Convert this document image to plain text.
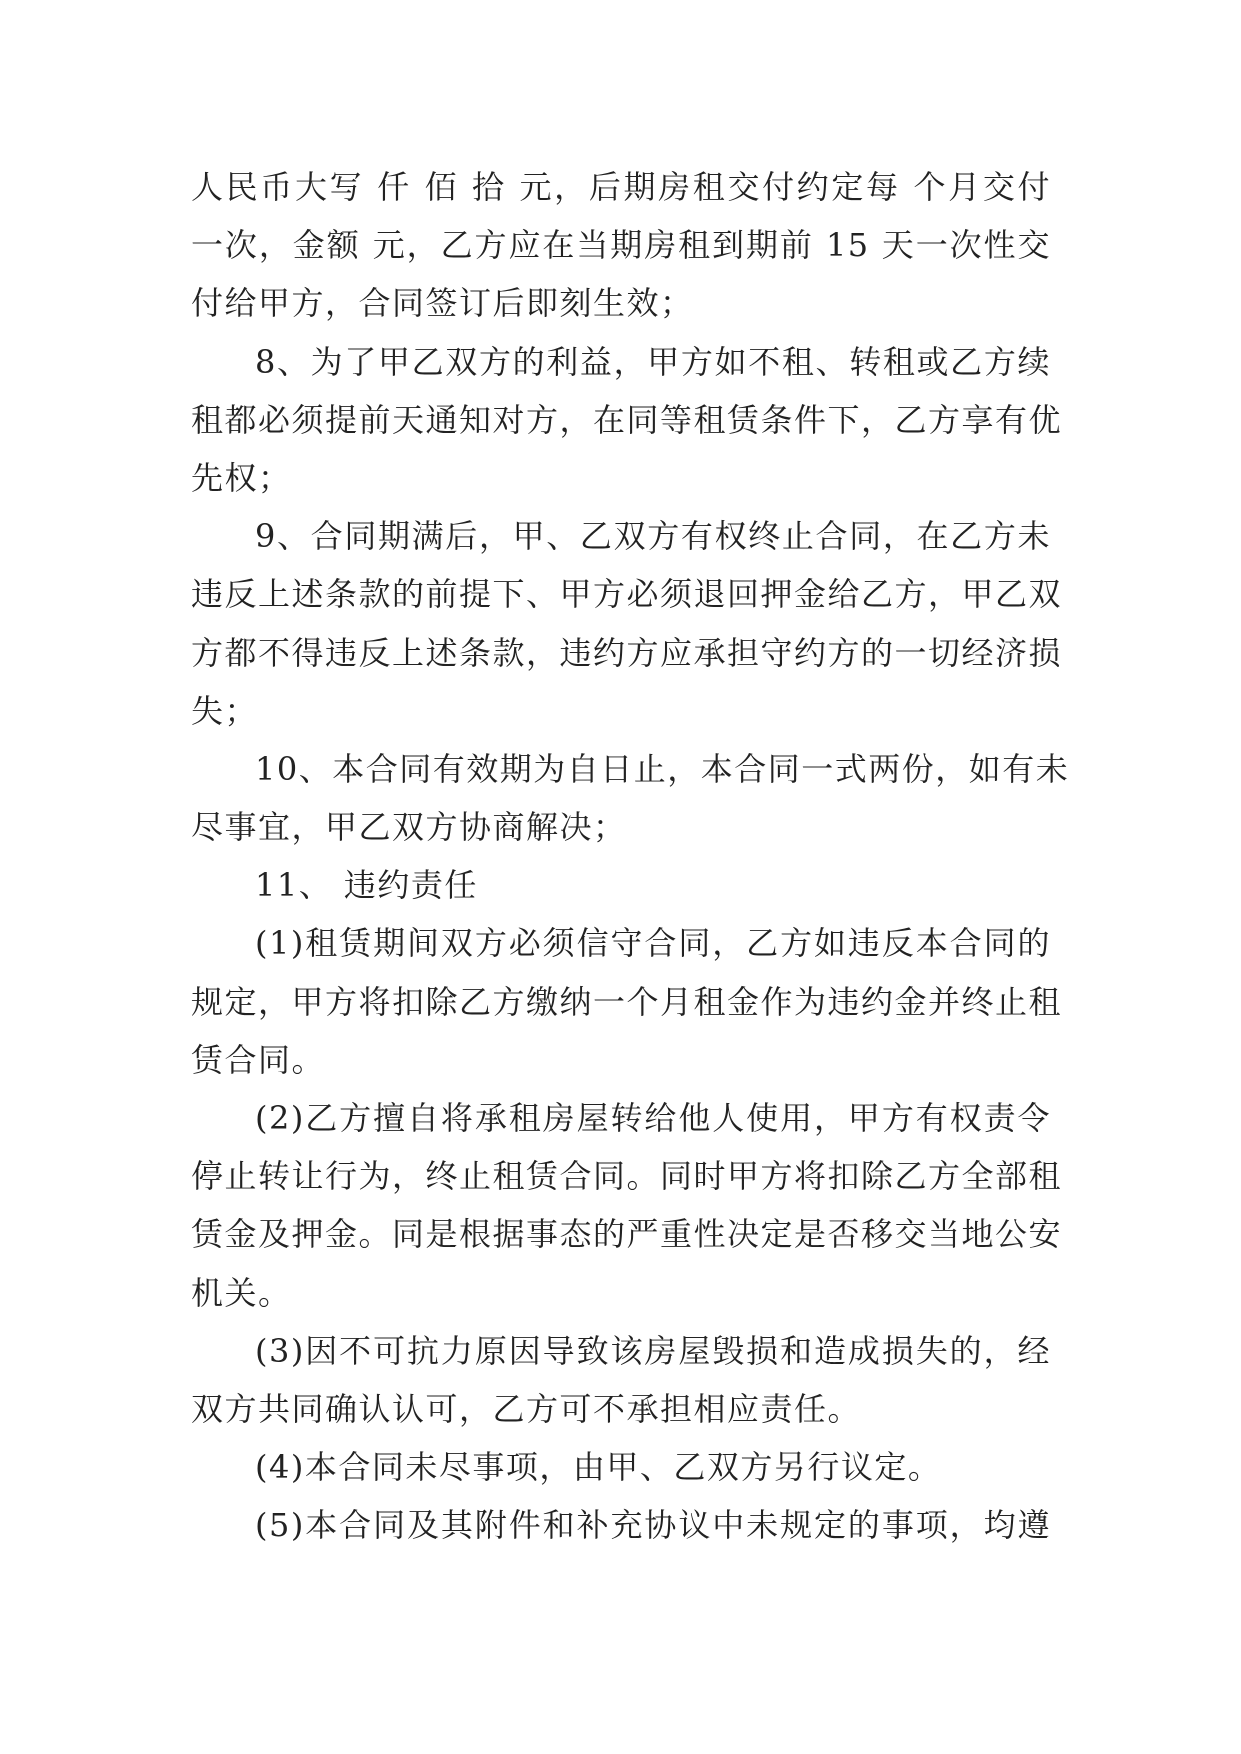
人民币大写 仟 佰 拾 元，后期房租交付约定每 个月交付
一次，金额 元，乙方应在当期房租到期前 15 天一次性交
付给甲方，合同签订后即刻生效；
8、为了甲乙双方的利益，甲方如不租、转租或乙方续
租都必须提前天通知对方，在同等租赁条件下，乙方享有优
先权；
9、合同期满后，甲、乙双方有权终止合同，在乙方未
违反上述条款的前提下、甲方必须退回押金给乙方，甲乙双
方都不得违反上述条款，违约方应承担守约方的一切经济损
失；
10、本合同有效期为自日止，本合同一式两份，如有未
尽事宜，甲乙双方协商解决；
11、 违约责任
(1)租赁期间双方必须信守合同，乙方如违反本合同的
规定，甲方将扣除乙方缴纳一个月租金作为违约金并终止租
赁合同。
(2)乙方擅自将承租房屋转给他人使用，甲方有权责令
停止转让行为，终止租赁合同。同时甲方将扣除乙方全部租
赁金及押金。同是根据事态的严重性决定是否移交当地公安
机关。
(3)因不可抗力原因导致该房屋毁损和造成损失的，经
双方共同确认认可，乙方可不承担相应责任。
(4)本合同未尽事项，由甲、乙双方另行议定。
(5)本合同及其附件和补充协议中未规定的事项，均遵
